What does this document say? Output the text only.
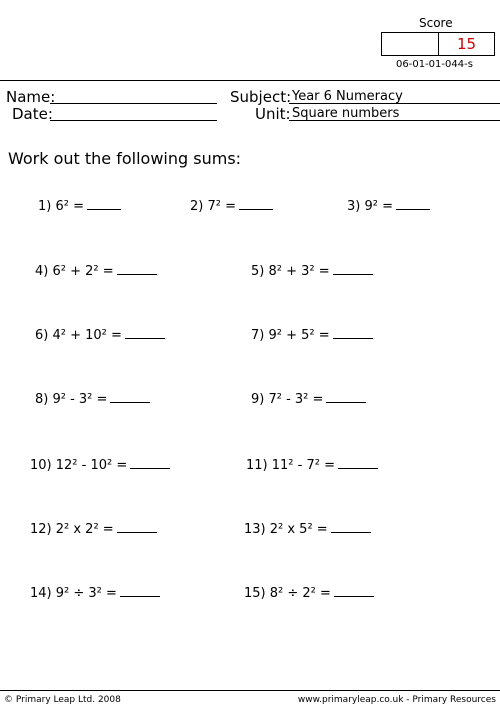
Score
15
06-01-01-044-s
Name:
Date:
Subject: Year 6 Numeracy
Unit: Square numbers
Work out the following sums:
1) 6² =	2) 7² =	3) 9² =
4) 6² + 2² =	5) 8² + 3² =
6) 4² + 10² =	7) 9² + 5² =
8) 9² - 3² =	9) 7² - 3² =
10) 12² - 10² =	11) 11² - 7² =
12) 2² x 2² =	13) 2² x 5² =
14) 9² ÷ 3² =	15) 8² ÷ 2² =
© Primary Leap Ltd. 2008	www.primaryleap.co.uk - Primary Resources
